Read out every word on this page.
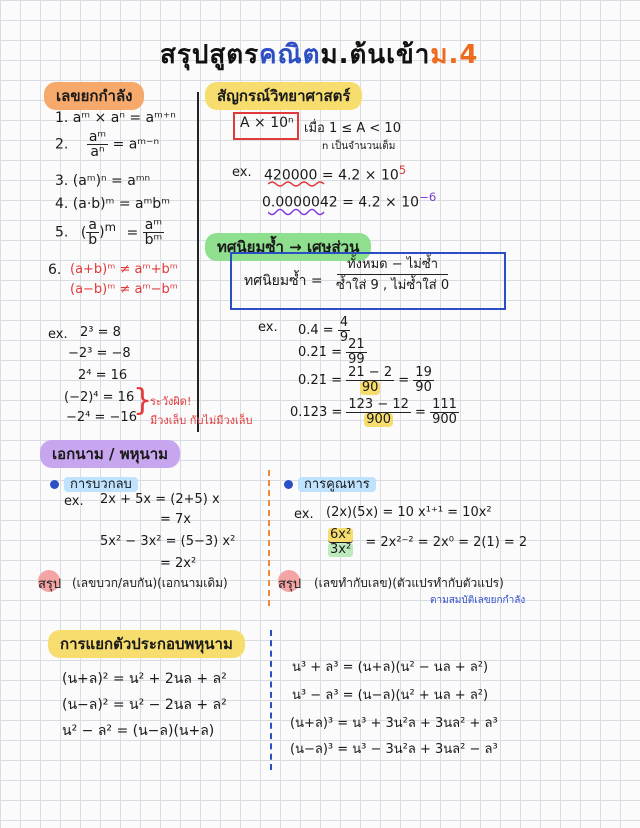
สรุปสูตรคณิตม.ต้นเข้าม.4
เลขยกกำลัง
1. aᵐ × aⁿ = aᵐ⁺ⁿ
2. $\frac{\text{aᵐ}}{\text{aⁿ}}$ = aᵐ⁻ⁿ
3. (aᵐ)ⁿ = aᵐⁿ
4. (a·b)ᵐ = aᵐbᵐ
5. ( $\frac{a}{b} )^m = \frac{\text{aᵐ}}{\text{bᵐ}}$
6. (a+b)ᵐ ≠ aᵐ+bᵐ
(a−b)ᵐ ≠ aᵐ−bᵐ
ex. 2³ = 8
−2³ = −8
2⁴ = 16
(−2)⁴ = 16
−2⁴ = −16
}
ระวังผิด!
มีวงเล็บ กับไม่มีวงเล็บ
สัญกรณ์วิทยาศาสตร์
A × 10ⁿ เมื่อ 1 ≤ A < 10
n เป็นจำนวนเต็ม
ex. $420000 = 4.2 \times 10^5$
$0.0000042 = 4.2 \times 10^{-6}$
ทศนิยมซ้ำ → เศษส่วน
ทศนิยมซ้ำ = $\frac{\text{ทั้งหมด − ไม่ซ้ำ}}{\text{ซ้ำใส่ 9 , ไม่ซ้ำใส่ 0}}$
ex. 0.4̇ = $\frac{4}{9}$
0.2̇1̇ = $\frac{21}{99}$
0.21̇ = $\frac{21 - 2}{90} = \frac{19}{90}$
0.12̇3̇ = $\frac{123 - 12}{900} = \frac{111}{900}$
เอกนาม / พหุนาม
การบวกลบ
ex. 2x + 5x = (2+5) x
= 7x
5x² − 3x² = (5−3) x²
= 2x²
สรุป (เลขบวก/ลบกัน)(เอกนามเดิม)
การคูณหาร
ex. (2x)(5x) = 10 x¹⁺¹ = 10x²
$\frac{\text{6x²}}{\text{3x²}} = 2x^{2-2} = 2x^0 = 2(1) = 2$
สรุป (เลขทำกับเลข)(ตัวแปรทำกับตัวแปร)
ตามสมบัติเลขยกกำลัง
การแยกตัวประกอบพหุนาม
(น+ล)² = น² + 2นล + ล²
(น−ล)² = น² − 2นล + ล²
น² − ล² = (น−ล)(น+ล)
น³ + ล³ = (น+ล)(น² − นล + ล²)
น³ − ล³ = (น−ล)(น² + นล + ล²)
(น+ล)³ = น³ + 3น²ล + 3นล² + ล³
(น−ล)³ = น³ − 3น²ล + 3นล² − ล³
